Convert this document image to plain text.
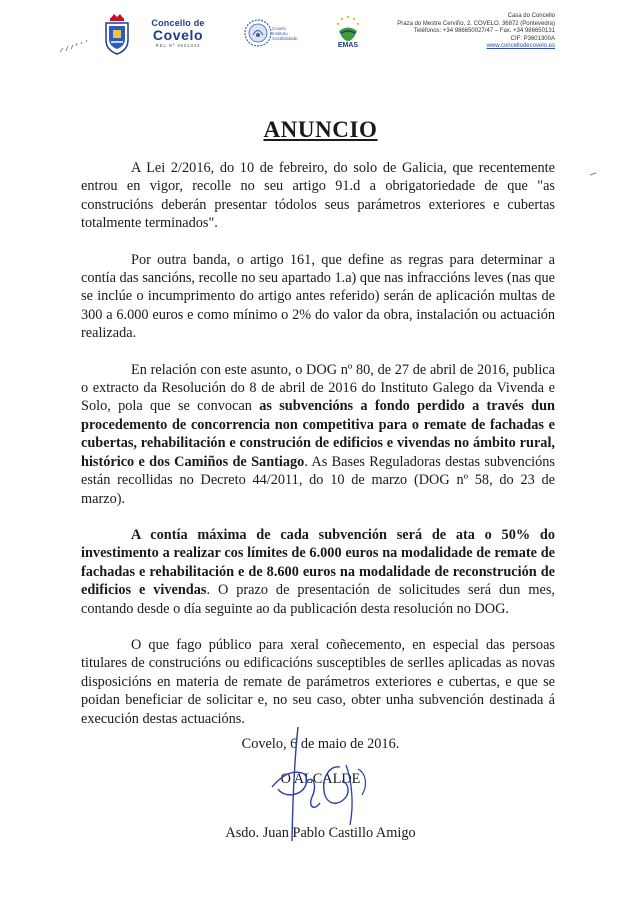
Concello de
Covelo
REL Nº 3601342
Covelo
Instituto
Sostibilidade
EMAS
Casa do Concello
Praza do Mestre Cerviño, 2. COVELO. 36872 (Pontevedra)
Teléfonos: +34 986650027/47 – Fax. +34 986650131
CIF: P3601300A
www.concellodecovelo.es
ANUNCIO

A Lei 2/2016, do 10 de febreiro, do solo de Galicia, que recentemente entrou en vigor, recolle no seu artigo 91.d a obrigatoriedade de que "as construcións deberán presentar tódolos seus parámetros exteriores e cubertas totalmente terminados".

Por outra banda, o artigo 161, que define as regras para determinar a contía das sancións, recolle no seu apartado 1.a) que nas infraccións leves (nas que se inclúe o incumprimento do artigo antes referido) serán de aplicación multas de 300 a 6.000 euros e como mínimo o 2% do valor da obra, instalación ou actuación realizada.

En relación con este asunto, o DOG nº 80, de 27 de abril de 2016, publica o extracto da Resolución do 8 de abril de 2016 do Instituto Galego da Vivenda e Solo, pola que se convocan as subvencións a fondo perdido a través dun procedemento de concorrencia non competitiva para o remate de fachadas e cubertas, rehabilitación e construción de edificios e vivendas no ámbito rural, histórico e dos Camiños de Santiago. As Bases Reguladoras destas subvencións están recollidas no Decreto 44/2011, do 10 de marzo (DOG nº 58, do 23 de marzo).

A contía máxima de cada subvención será de ata o 50% do investimento a realizar cos límites de 6.000 euros na modalidade de remate de fachadas e rehabilitación e de 8.600 euros na modalidade de reconstrución de edificios e vivendas. O prazo de presentación de solicitudes será dun mes, contando desde o día seguinte ao da publicación desta resolución no DOG.

O que fago público para xeral coñecemento, en especial das persoas titulares de construcións ou edificacións susceptibles de serlles aplicadas as novas disposicións en materia de remate de parámetros exteriores e cubertas, e que se poidan beneficiar de solicitar e, no seu caso, obter unha subvención destinada á execución destas actuacións.

Covelo, 6 de maio de 2016.
O ALCALDE
Asdo. Juan Pablo Castillo Amigo
